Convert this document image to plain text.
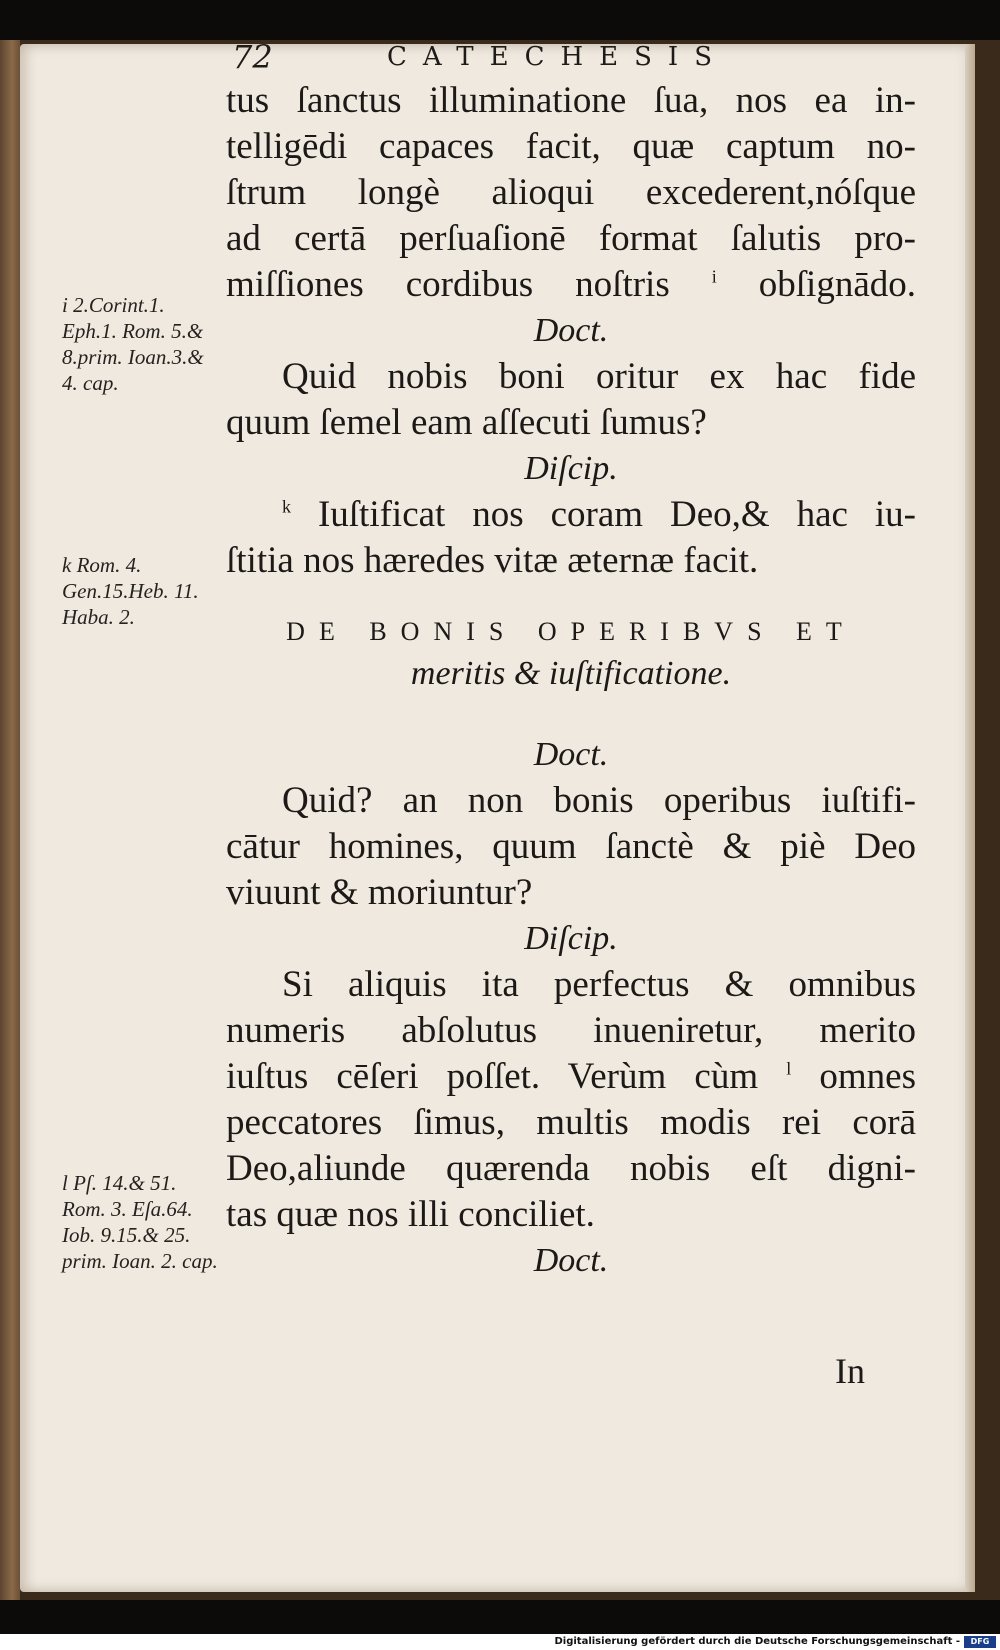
72	CATECHESIS
tus ſanctus illuminatione ſua, nos ea in-
telligēdi capaces facit, quæ captum no-
ſtrum longè alioqui excederent,nóſque
ad certā perſuaſionē format ſalutis pro-
miſſiones cordibus noſtris $^i$ obſignādo.
Doct.
Quid nobis boni oritur ex hac fide
quum ſemel eam aſſecuti ſumus?
Diſcip.
$^k$ Iuſtificat nos coram Deo,& hac iu-
ſtitia nos hæredes vitæ æternæ facit.
DE BONIS OPERIBVS ET
meritis & iuſtificatione.
Doct.
Quid? an non bonis operibus iuſtifi-
cātur homines, quum ſanctè & piè Deo
viuunt & moriuntur?
Diſcip.
Si aliquis ita perfectus & omnibus
numeris abſolutus inueniretur, merito
iuſtus cēſeri poſſet. Verùm cùm $^l$ omnes
peccatores ſimus, multis modis rei corā
Deo,aliunde quærenda nobis eſt digni-
tas quæ nos illi conciliet.
Doct.
i 2.Corint.1. Eph.1. Rom. 5.& 8.prim. Ioan.3.& 4. cap.
k Rom. 4. Gen.15.Heb. 11. Haba. 2.
l Pſ. 14.& 51. Rom. 3. Eſa.64. Iob. 9.15.& 25. prim. Ioan. 2. cap.
In
Digitalisierung gefördert durch die Deutsche Forschungsgemeinschaft -	DFG
